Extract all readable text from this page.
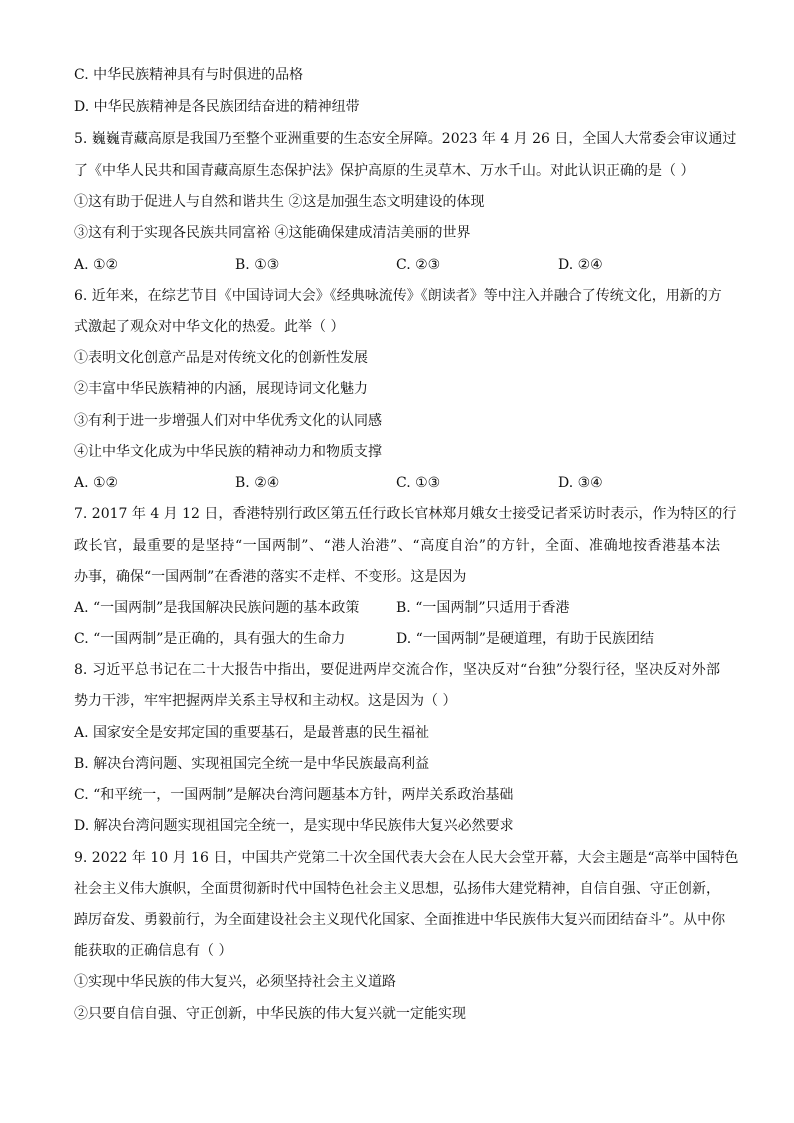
C. 中华民族精神具有与时俱进的品格
D. 中华民族精神是各民族团结奋进的精神纽带
5. 巍巍青藏高原是我国乃至整个亚洲重要的生态安全屏障。2023 年 4 月 26 日，全国人大常委会审议通过
了《中华人民共和国青藏高原生态保护法》保护高原的生灵草木、万水千山。对此认识正确的是（ ）
①这有助于促进人与自然和谐共生 ②这是加强生态文明建设的体现
③这有利于实现各民族共同富裕 ④这能确保建成清洁美丽的世界
A. ①②	B. ①③	C. ②③	D. ②④
6. 近年来，在综艺节目《中国诗词大会》《经典咏流传》《朗读者》等中注入并融合了传统文化，用新的方
式激起了观众对中华文化的热爱。此举（ ）
①表明文化创意产品是对传统文化的创新性发展
②丰富中华民族精神的内涵，展现诗词文化魅力
③有利于进一步增强人们对中华优秀文化的认同感
④让中华文化成为中华民族的精神动力和物质支撑
A. ①②	B. ②④	C. ①③	D. ③④
7. 2017 年 4 月 12 日，香港特别行政区第五任行政长官林郑月娥女士接受记者采访时表示，作为特区的行
政长官，最重要的是坚持“一国两制”、“港人治港”、“高度自治”的方针，全面、准确地按香港基本法
办事，确保“一国两制”在香港的落实不走样、不变形。这是因为
A. “一国两制”是我国解决民族问题的基本政策	B. “一国两制”只适用于香港
C. “一国两制”是正确的，具有强大的生命力	D. “一国两制”是硬道理，有助于民族团结
8. 习近平总书记在二十大报告中指出，要促进两岸交流合作，坚决反对“台独”分裂行径，坚决反对外部
势力干涉，牢牢把握两岸关系主导权和主动权。这是因为（ ）
A. 国家安全是安邦定国的重要基石，是最普惠的民生福祉
B. 解决台湾问题、实现祖国完全统一是中华民族最高利益
C. “和平统一，一国两制”是解决台湾问题基本方针，两岸关系政治基础
D. 解决台湾问题实现祖国完全统一，是实现中华民族伟大复兴必然要求
9. 2022 年 10 月 16 日，中国共产党第二十次全国代表大会在人民大会堂开幕，大会主题是“高举中国特色
社会主义伟大旗帜，全面贯彻新时代中国特色社会主义思想，弘扬伟大建党精神，自信自强、守正创新，
踔厉奋发、勇毅前行，为全面建设社会主义现代化国家、全面推进中华民族伟大复兴而团结奋斗”。从中你
能获取的正确信息有（ ）
①实现中华民族的伟大复兴，必须坚持社会主义道路
②只要自信自强、守正创新，中华民族的伟大复兴就一定能实现
